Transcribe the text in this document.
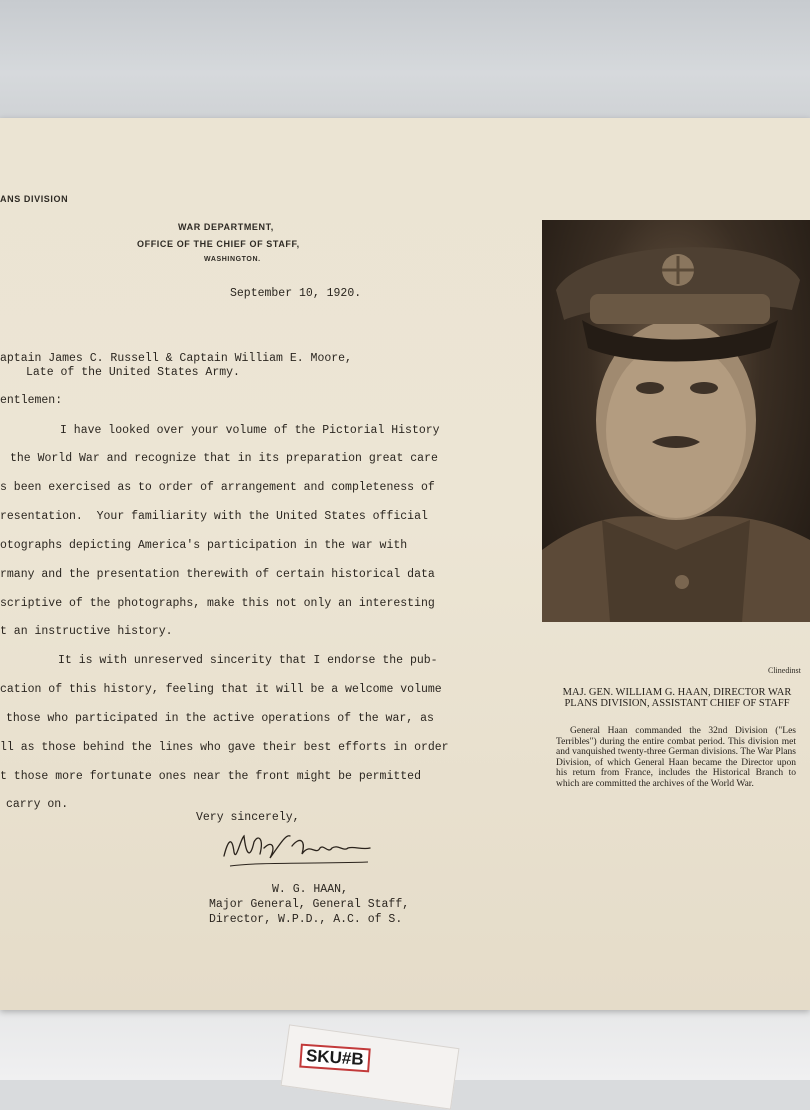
ANS DIVISION
WAR DEPARTMENT,
OFFICE OF THE CHIEF OF STAFF,
WASHINGTON.
September 10, 1920.
aptain James C. Russell & Captain William E. Moore,
Late of the United States Army.
entlemen:
I have looked over your volume of the Pictorial History
the World War and recognize that in its preparation great care
s been exercised as to order of arrangement and completeness of
resentation.  Your familiarity with the United States official
otographs depicting America's participation in the war with
rmany and the presentation therewith of certain historical data
scriptive of the photographs, make this not only an interesting
t an instructive history.
It is with unreserved sincerity that I endorse the pub-
cation of this history, feeling that it will be a welcome volume
those who participated in the active operations of the war, as
ll as those behind the lines who gave their best efforts in order
t those more fortunate ones near the front might be permitted
carry on.
Very sincerely,
W. G. HAAN,
Major General, General Staff,
Director, W.P.D., A.C. of S.
Clinedinst
MAJ. GEN. WILLIAM G. HAAN, DIRECTOR WAR PLANS DIVISION, ASSISTANT CHIEF OF STAFF
General Haan commanded the 32nd Division ("Les Terribles") during the entire combat period. This division met and vanquished twenty-three German divisions. The War Plans Division, of which General Haan became the Director upon his return from France, includes the Historical Branch to which are committed the archives of the World War.
SKU#B
